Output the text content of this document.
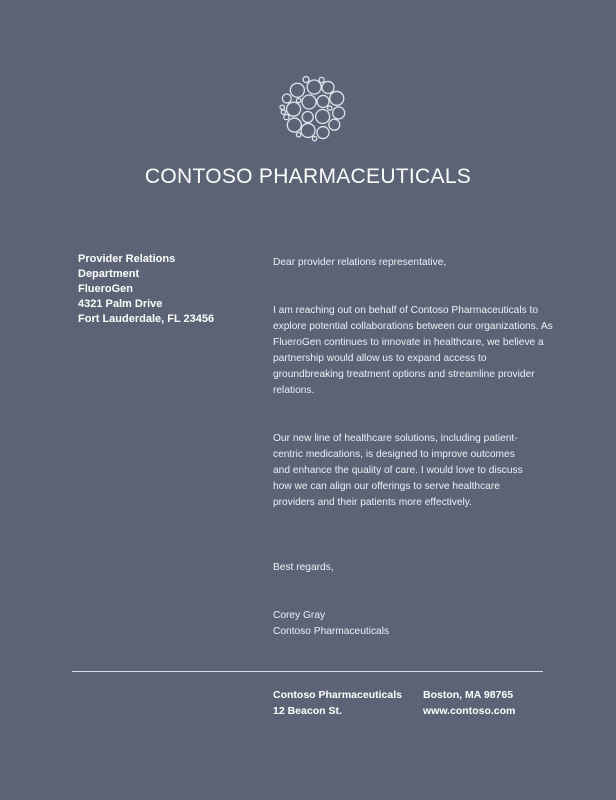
CONTOSO PHARMACEUTICALS
Provider Relations
Department
FlueroGen
4321 Palm Drive
Fort Lauderdale, FL 23456

Dear provider relations representative,

I am reaching out on behalf of Contoso Pharmaceuticals to explore potential collaborations between our organizations. As FlueroGen continues to innovate in healthcare, we believe a partnership would allow us to expand access to groundbreaking treatment options and streamline provider relations.

Our new line of healthcare solutions, including patient-centric medications, is designed to improve outcomes and enhance the quality of care. I would love to discuss how we can align our offerings to serve healthcare providers and their patients more effectively.

Best regards,

Corey Gray

Contoso Pharmaceuticals

Contoso Pharmaceuticals
12 Beacon St.
Boston, MA 98765
www.contoso.com
